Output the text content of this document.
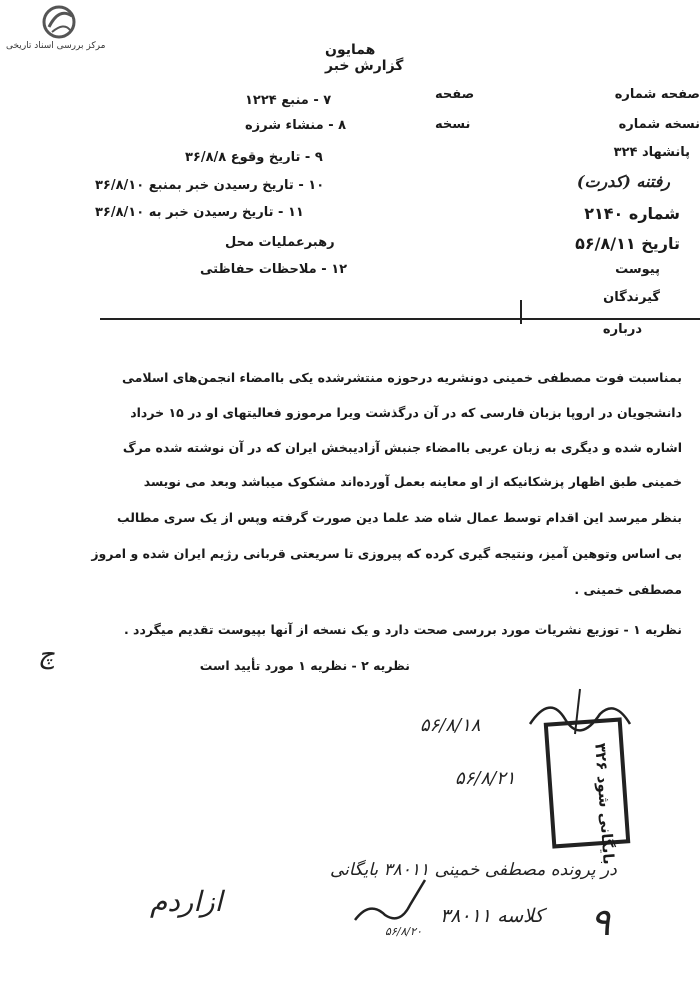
مرکز بررسی اسناد تاریخی	همایون
گزارش خبر
صفحه شماره
صفحه
نسخه شماره
نسخه
پانشهاد ۳۲۴
رفتنه (کدرت)
شماره ۲۱۴۰
تاریخ ۵۶/۸/۱۱
پیوست
گیرندگان
۷ - منبع ۱۲۲۴
۸ - منشاء شرزه
۹ - تاریخ وقوع ۳۶/۸/۸
۱۰ - تاریخ رسیدن خبر بمنبع ۳۶/۸/۱۰
۱۱ - تاریخ رسیدن خبر به ۳۶/۸/۱۰
رهبرعملیات محل
۱۲ - ملاحظات حفاظتی
درباره
بمناسبت فوت مصطفی خمینی دونشریه درحوزه منتشرشده یکی باامضاء انجمن‌های اسلامی
دانشجویان در اروپا بزبان فارسی که در آن درگذشت ویرا مرموزو فعالیتهای او در ۱۵ خرداد
اشاره شده و دیگری به زبان عربی باامضاء جنبش آزادیبخش ایران که در آن نوشته شده مرگ
خمینی طبق اظهار پزشکانیکه از او معاینه بعمل آورده‌اند مشکوک میباشد وبعد می نویسد
بنظر میرسد این اقدام توسط عمال شاه ضد علما دین صورت گرفته وپس از یک سری مطالب
بی اساس وتوهین آمیز، ونتیجه گیری کرده که پیروزی تا سریعتی قربانی رژیم ایران شده و امروز
مصطفی خمینی .
نظریه ۱ - توزیع نشریات مورد بررسی صحت دارد و یک نسخه از آنها بپیوست تقدیم میگردد .
نظریه ۲ - نظریه ۱ مورد تأیید است
چ
۵۶/۸/۱۸
۵۶/۸/۲۱
بایگانی شود ۳۲۶
در پرونده مصطفی خمینی ۳۸۰۱۱ بایگانی
کلاسه ۳۸۰۱۱
۵۶/۸/۲۰
ازاردم	۹
